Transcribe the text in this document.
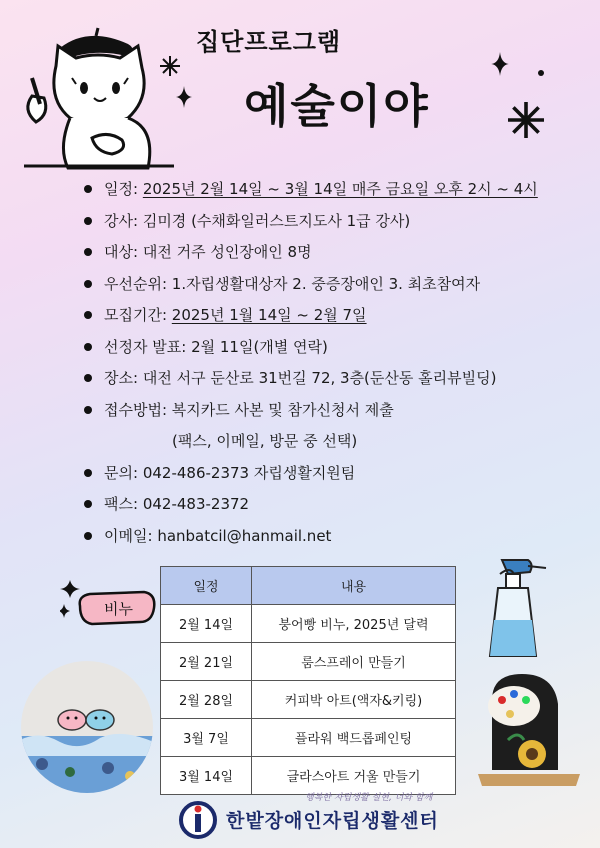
집단프로그램
예술이야
일정: 2025년 2월 14일 ~ 3월 14일 매주 금요일 오후 2시 ~ 4시
강사: 김미경 (수채화일러스트지도사 1급 강사)
대상: 대전 거주 성인장애인 8명
우선순위: 1.자립생활대상자 2. 중증장애인 3. 최초참여자
모집기간: 2025년 1월 14일 ~ 2월 7일
선정자 발표: 2월 11일(개별 연락)
장소: 대전 서구 둔산로 31번길 72, 3층(둔산동 홀리뷰빌딩)
접수방법: 복지카드 사본 및 참가신청서 제출
(팩스, 이메일, 방문 중 선택)
문의: 042-486-2373 자립생활지원팀
팩스: 042-483-2372
이메일: hanbatcil@hanmail.net
일정	내용
2월 14일	붕어빵 비누, 2025년 달력
2월 21일	룸스프레이 만들기
2월 28일	커피박 아트(액자&키링)
3월 7일	플라워 백드롭페인팅
3월 14일	글라스아트 거울 만들기
비누
행복한 자립생활 실현, 너와 함께
한밭장애인자립생활센터
